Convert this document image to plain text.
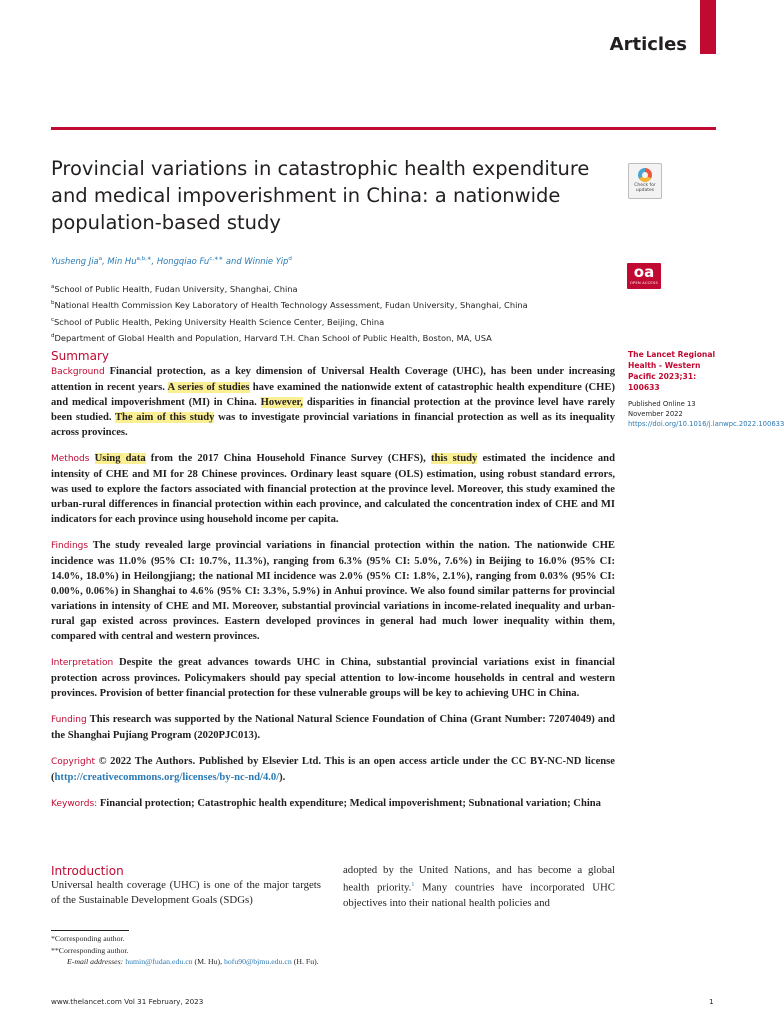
Articles
Provincial variations in catastrophic health expenditure and medical impoverishment in China: a nationwide population-based study
Check for updates
oa
OPEN ACCESS
Yusheng Jia$^a$, Min $Hu^{a,b,∗}$, Hongqiao $Fu^{c,∗∗}$ and Winnie Yip$^d$
$^a$School of Public Health, Fudan University, Shanghai, China
$^b$National Health Commission Key Laboratory of Health Technology Assessment, Fudan University, Shanghai, China
$^c$School of Public Health, Peking University Health Science Center, Beijing, China
$^d$Department of Global Health and Population, Harvard T.H. Chan School of Public Health, Boston, MA, USA
The Lancet Regional Health - Western Pacific 2023;31: 100633
Published Online 13 November 2022
https://doi.org/10.1016/j.lanwpc.2022.100633
Summary

Background Financial protection, as a key dimension of Universal Health Coverage (UHC), has been under increasing attention in recent years. A series of studies have examined the nationwide extent of catastrophic health expenditure (CHE) and medical impoverishment (MI) in China. However, disparities in financial protection at the province level have rarely been studied. The aim of this study was to investigate provincial variations in financial protection as well as its inequality across provinces.

Methods Using data from the 2017 China Household Finance Survey (CHFS), this study estimated the incidence and intensity of CHE and MI for 28 Chinese provinces. Ordinary least square (OLS) estimation, using robust standard errors, was used to explore the factors associated with financial protection at the province level. Moreover, this study examined the urban-rural differences in financial protection within each province, and calculated the concentration index of CHE and MI indicators for each province using household income per capita.

Findings The study revealed large provincial variations in financial protection within the nation. The nationwide CHE incidence was 11.0% (95% CI: 10.7%, 11.3%), ranging from 6.3% (95% CI: 5.0%, 7.6%) in Beijing to 16.0% (95% CI: 14.0%, 18.0%) in Heilongjiang; the national MI incidence was 2.0% (95% CI: 1.8%, 2.1%), ranging from 0.03% (95% CI: 0.00%, 0.06%) in Shanghai to 4.6% (95% CI: 3.3%, 5.9%) in Anhui province. We also found similar patterns for provincial variations in intensity of CHE and MI. Moreover, substantial provincial variations in income-related inequality and urban-rural gap existed across provinces. Eastern developed provinces in general had much lower inequality within them, compared with central and western provinces.

Interpretation Despite the great advances towards UHC in China, substantial provincial variations exist in financial protection across provinces. Policymakers should pay special attention to low-income households in central and western provinces. Provision of better financial protection for these vulnerable groups will be key to achieving UHC in China.

Funding This research was supported by the National Natural Science Foundation of China (Grant Number: 72074049) and the Shanghai Pujiang Program (2020PJC013).

Copyright © 2022 The Authors. Published by Elsevier Ltd. This is an open access article under the CC BY-NC-ND license (http://creativecommons.org/licenses/by-nc-nd/4.0/).

Keywords: Financial protection; Catastrophic health expenditure; Medical impoverishment; Subnational variation; China

Introduction
Universal health coverage (UHC) is one of the major targets of the Sustainable Development Goals (SDGs)
adopted by the United Nations, and has become a global health priority.$^1$ Many countries have incorporated UHC objectives into their national health policies and
*Corresponding author.
**Corresponding author.
E-mail addresses: humin@fudan.edu.cn (M. Hu), hofu90@bjmu.edu.cn (H. Fu).
www.thelancet.com Vol 31 February, 2023	1
